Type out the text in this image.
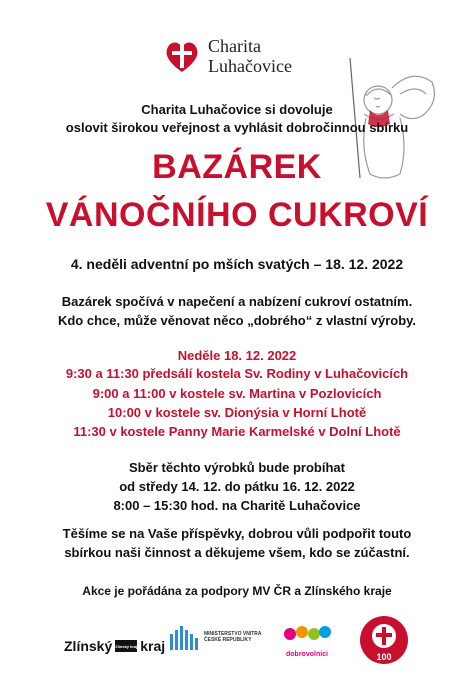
Charita
Luhačovice
Charita Luhačovice si dovoluje
oslovit širokou veřejnost a vyhlásit dobročinnou sbírku
BAZÁREK
VÁNOČNÍHO CUKROVÍ
4. neděli adventní po mších svatých – 18. 12. 2022
Bazárek spočívá v napečení a nabízení cukroví ostatním.
Kdo chce, může věnovat něco „dobrého“ z vlastní výroby.
Neděle 18. 12. 2022
9:30 a 11:30 předsálí kostela Sv. Rodiny v Luhačovicích
9:00 a 11:00 v kostele sv. Martina v Pozlovicích
10:00 v kostele sv. Dionýsia v Horní Lhotě
11:30 v kostele Panny Marie Karmelské v Dolní Lhotě
Sběr těchto výrobků bude probíhat
od středy 14. 12. do pátku 16. 12. 2022
8:00 – 15:30 hod. na Charitě Luhačovice
Těšíme se na Vaše příspěvky, dobrou vůli podpořit touto
sbírkou naši činnost a děkujeme všem, kdo se zúčastní.
Akce je pořádána za podpory MV ČR a Zlínského kraje
Zlínský Zlínský kraj kraj
MINISTERSTVO VNITRA
ČESKÉ REPUBLIKY
dobrovolnici	100
